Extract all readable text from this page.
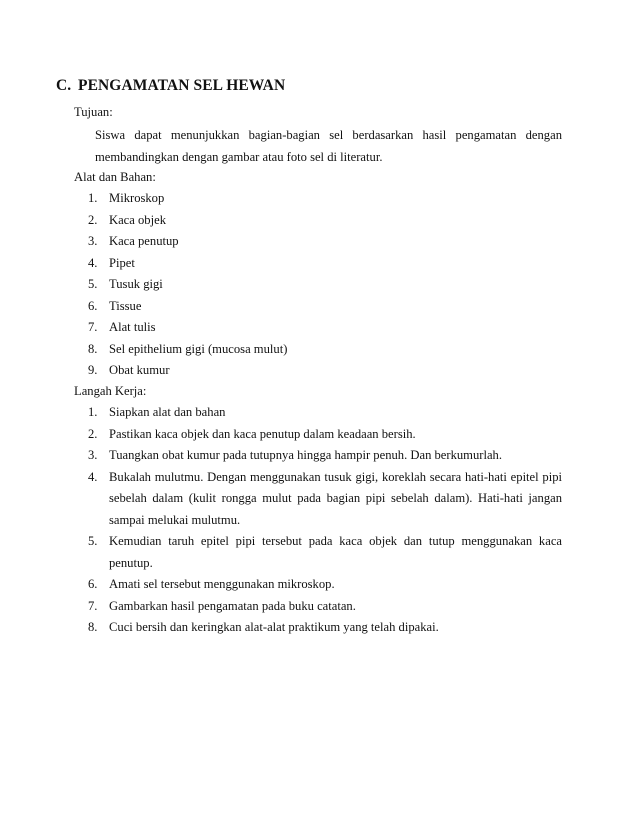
C. PENGAMATAN SEL HEWAN
Tujuan:
Siswa dapat menunjukkan bagian-bagian sel berdasarkan hasil pengamatan dengan membandingkan dengan gambar atau foto sel di literatur.
Alat dan Bahan:
1. Mikroskop
2. Kaca objek
3. Kaca penutup
4. Pipet
5. Tusuk gigi
6. Tissue
7. Alat tulis
8. Sel epithelium gigi (mucosa mulut)
9. Obat kumur
Langah Kerja:
1. Siapkan alat dan bahan
2. Pastikan kaca objek dan kaca penutup dalam keadaan bersih.
3. Tuangkan obat kumur pada tutupnya hingga hampir penuh. Dan berkumurlah.
4. Bukalah mulutmu. Dengan menggunakan tusuk gigi, koreklah secara hati-hati epitel pipi sebelah dalam (kulit rongga mulut pada bagian pipi sebelah dalam). Hati-hati jangan sampai melukai mulutmu.
5. Kemudian taruh epitel pipi tersebut pada kaca objek dan tutup menggunakan kaca penutup.
6. Amati sel tersebut menggunakan mikroskop.
7. Gambarkan hasil pengamatan pada buku catatan.
8. Cuci bersih dan keringkan alat-alat praktikum yang telah dipakai.
